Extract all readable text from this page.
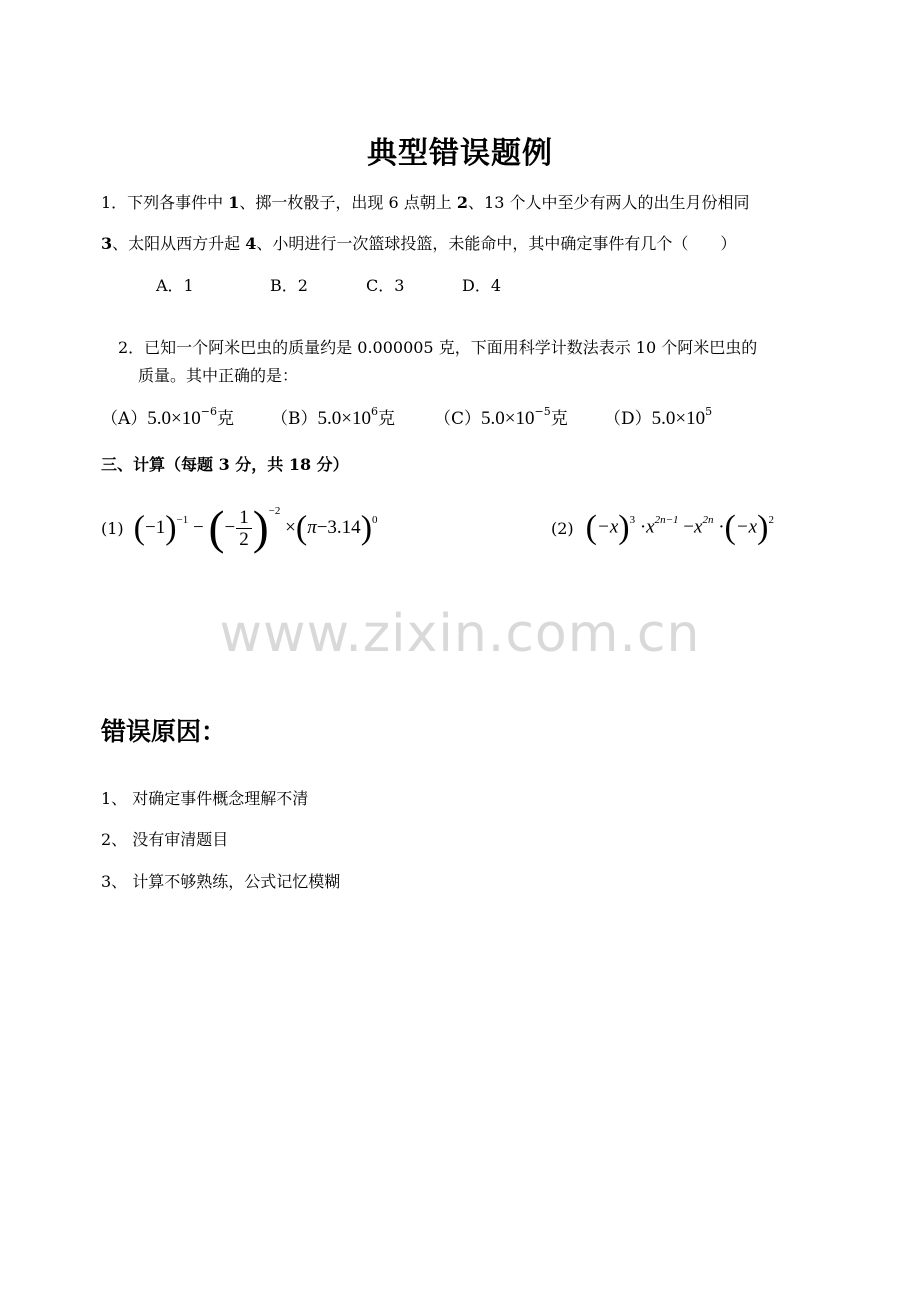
典型错误题例
1．下列各事件中 1、掷一枚骰子，出现 6 点朝上 2、13 个人中至少有两人的出生月份相同
3、太阳从西方升起 4、小明进行一次篮球投篮，未能命中，其中确定事件有几个（　　）
A．1	B．2	C．3	D．4
2．已知一个阿米巴虫的质量约是 0.000005 克，下面用科学计数法表示 10 个阿米巴虫的
质量。其中正确的是：
$(A)5.0\times 10^{-6}$克 $(B)5.0\times 10^6$克 $(C)5.0\times 10^{-5}$克 $(D)5.0\times 10^5$
三、计算（每题 3 分，共 18 分）
(1) $(-1)^{-1}$ − (− $\frac{1}{2} )^{-2} \times(\pi-3.14)^0$	(2) $(-x)^3 \cdot x^{2n-1} -x^{2n} \cdot(-x)^2$
www.zixin.com.cn
错误原因：
1、 对确定事件概念理解不清
2、 没有审清题目
3、 计算不够熟练，公式记忆模糊
